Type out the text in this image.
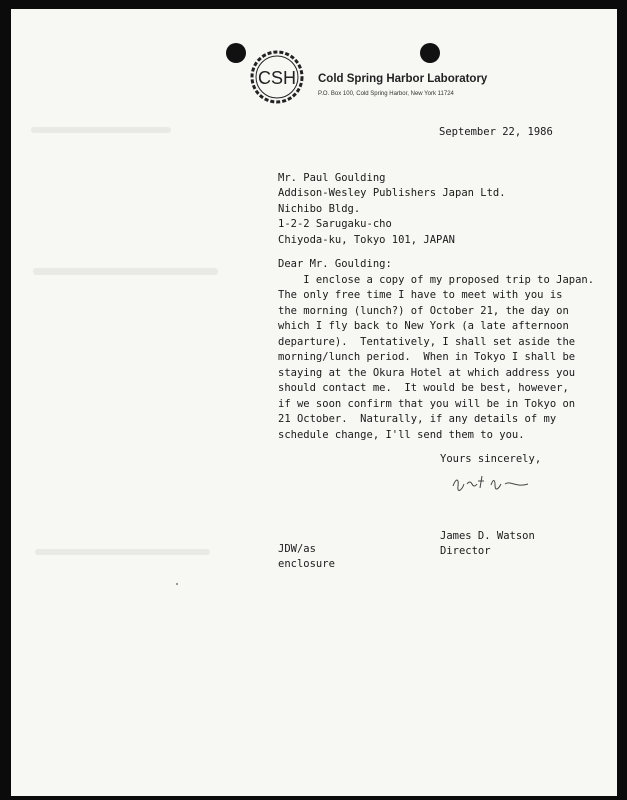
CSH Cold Spring Harbor Laboratory
P.O. Box 100, Cold Spring Harbor, New York 11724
September 22, 1986
Mr. Paul Goulding
Addison-Wesley Publishers Japan Ltd.
Nichibo Bldg.
1-2-2 Sarugaku-cho
Chiyoda-ku, Tokyo 101, JAPAN
Dear Mr. Goulding:
I enclose a copy of my proposed trip to Japan.
The only free time I have to meet with you is
the morning (lunch?) of October 21, the day on
which I fly back to New York (a late afternoon
departure).  Tentatively, I shall set aside the
morning/lunch period.  When in Tokyo I shall be
staying at the Okura Hotel at which address you
should contact me.  It would be best, however,
if we soon confirm that you will be in Tokyo on
21 October.  Naturally, if any details of my
schedule change, I'll send them to you.
Yours sincerely,
James D. Watson
Director
JDW/as
enclosure
